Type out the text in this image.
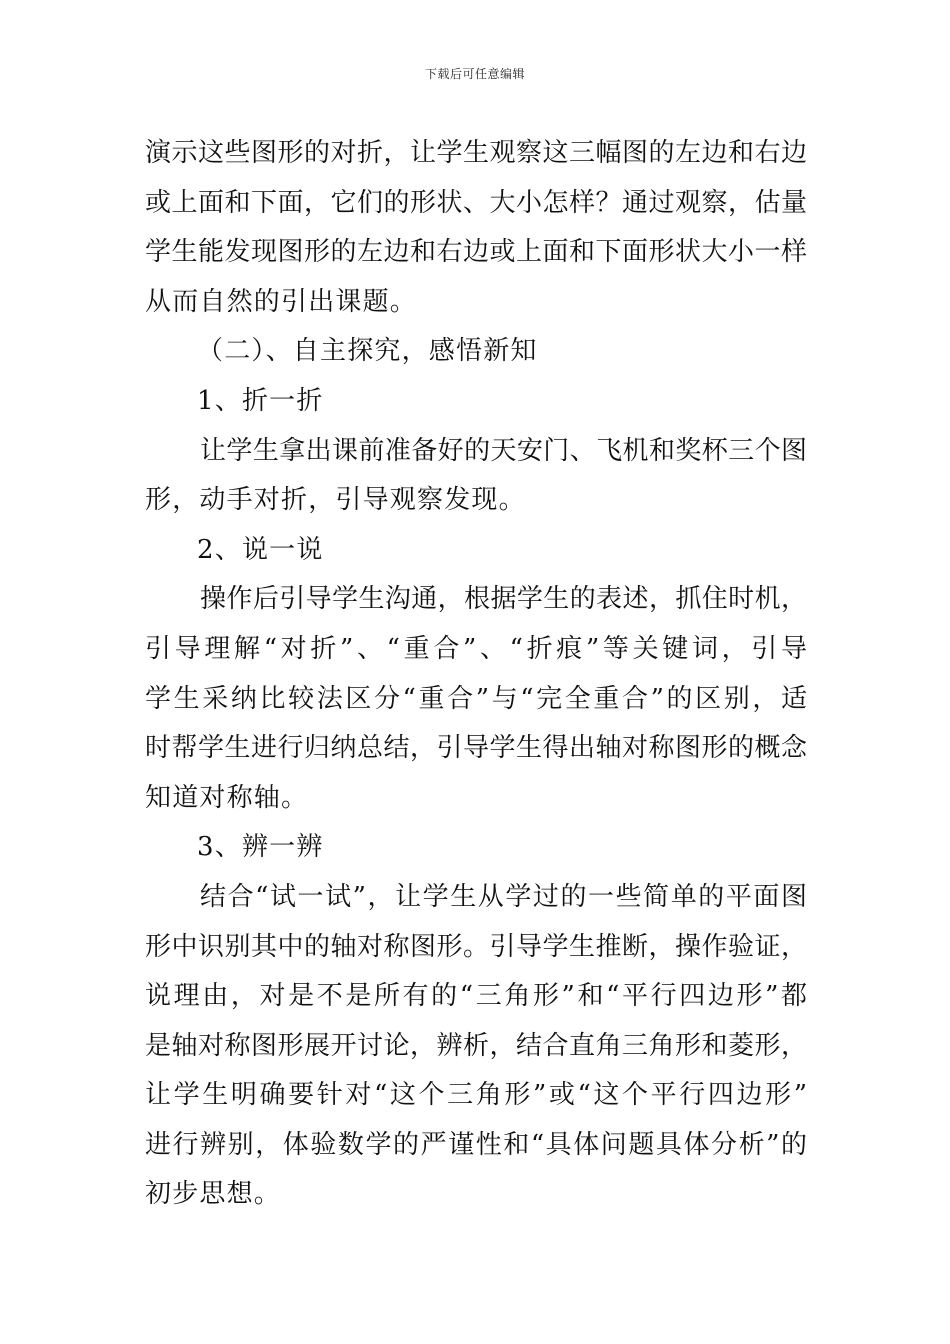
下载后可任意编辑
演示这些图形的对折，让学生观察这三幅图的左边和右边
或上面和下面，它们的形状、大小怎样？通过观察，估量
学生能发现图形的左边和右边或上面和下面形状大小一样
从而自然的引出课题。
（二）、自主探究，感悟新知
1、折一折
让学生拿出课前准备好的天安门、飞机和奖杯三个图
形，动手对折，引导观察发现。
2、说一说
操作后引导学生沟通，根据学生的表述，抓住时机，
引导理解“对折”、“重合”、“折痕”等关键词，引导
学生采纳比较法区分“重合”与“完全重合”的区别，适
时帮学生进行归纳总结，引导学生得出轴对称图形的概念
知道对称轴。
3、辨一辨
结合“试一试”，让学生从学过的一些简单的平面图
形中识别其中的轴对称图形。引导学生推断，操作验证，
说理由，对是不是所有的“三角形”和“平行四边形”都
是轴对称图形展开讨论，辨析，结合直角三角形和菱形，
让学生明确要针对“这个三角形”或“这个平行四边形”
进行辨别，体验数学的严谨性和“具体问题具体分析”的
初步思想。
